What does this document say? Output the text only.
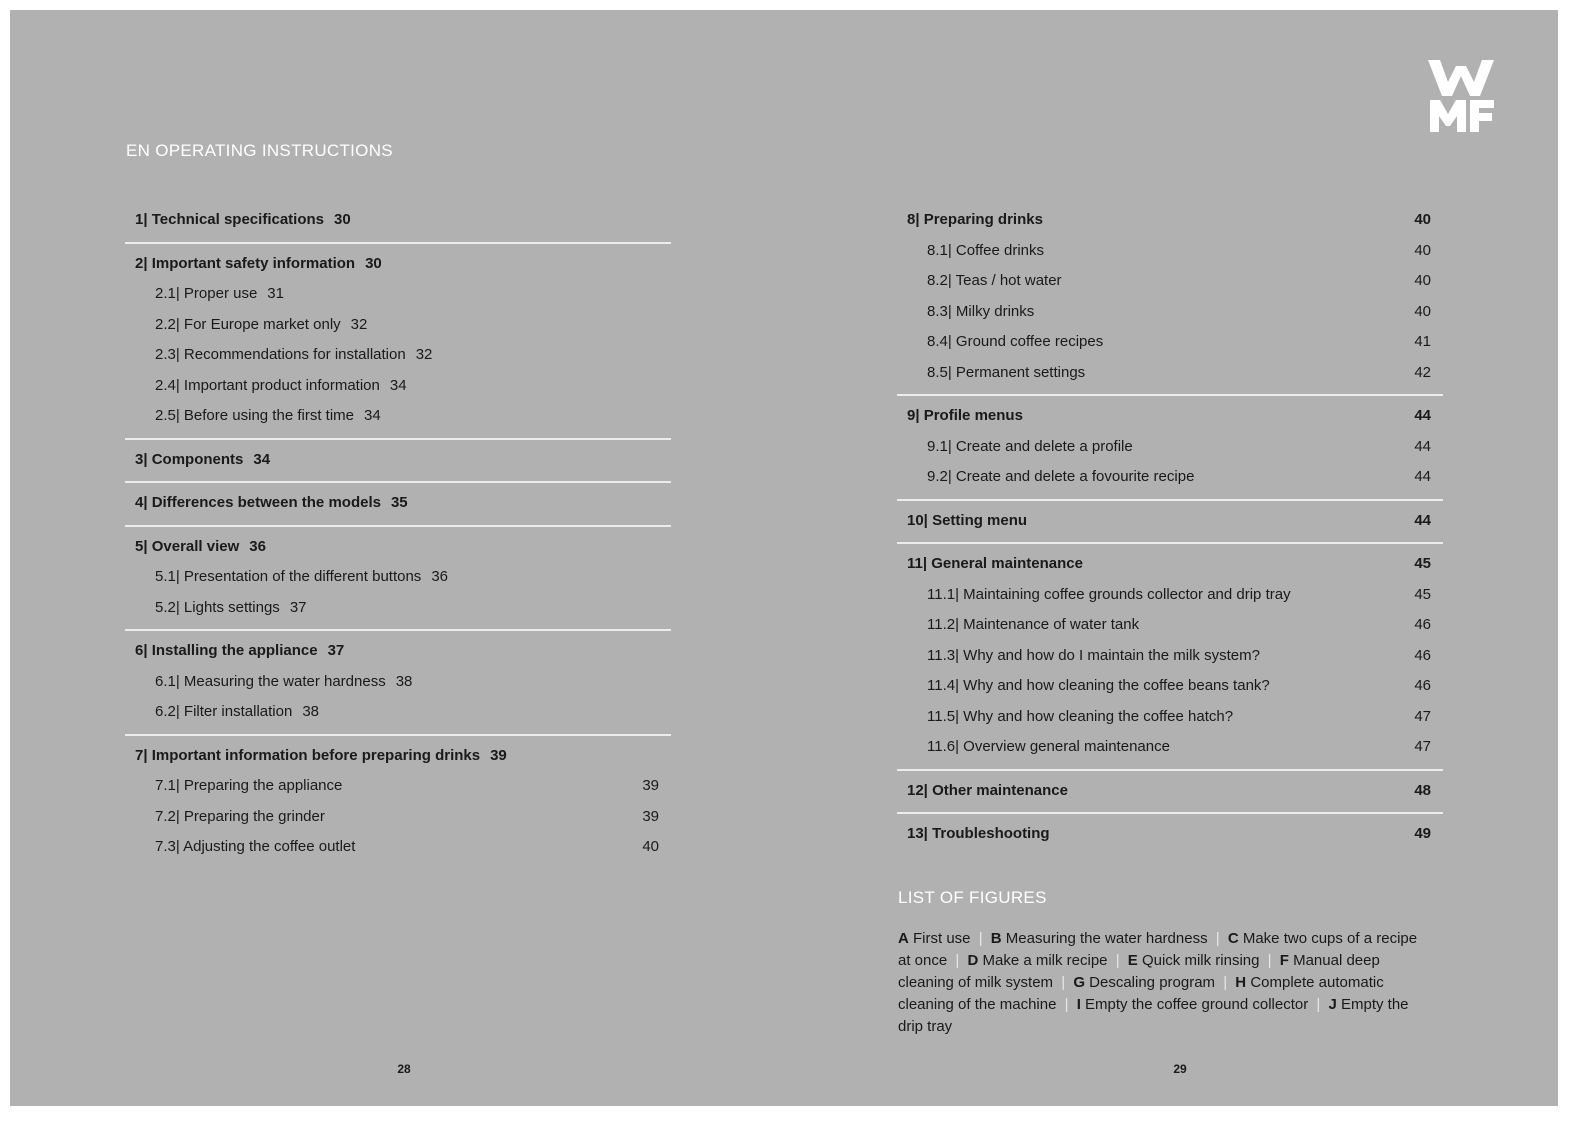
EN OPERATING INSTRUCTIONS
1| Technical specifications 30
2| Important safety information 30
2.1| Proper use 31
2.2| For Europe market only 32
2.3| Recommendations for installation 32
2.4| Important product information 34
2.5| Before using the first time 34
3| Components 34
4| Differences between the models 35
5| Overall view 36
5.1| Presentation of the different buttons 36
5.2| Lights settings 37
6| Installing the appliance 37
6.1| Measuring the water hardness 38
6.2| Filter installation 38
7| Important information before preparing drinks 39
7.1| Preparing the appliance	39
7.2| Preparing the grinder	39
7.3| Adjusting the coffee outlet	40
8| Preparing drinks	40
8.1| Coffee drinks	40
8.2| Teas / hot water	40
8.3| Milky drinks	40
8.4| Ground coffee recipes	41
8.5| Permanent settings	42
9| Profile menus	44
9.1| Create and delete a profile	44
9.2| Create and delete a fovourite recipe	44
10| Setting menu	44
11| General maintenance	45
11.1| Maintaining coffee grounds collector and drip tray	45
11.2| Maintenance of water tank	46
11.3| Why and how do I maintain the milk system?	46
11.4| Why and how cleaning the coffee beans tank?	46
11.5| Why and how cleaning the coffee hatch?	47
11.6| Overview general maintenance	47
12| Other maintenance	48
13| Troubleshooting	49
LIST OF FIGURES
A First use | B Measuring the water hardness | C Make two cups of a recipe at once | D Make a milk recipe | E Quick milk rinsing | F Manual deep cleaning of milk system | G Descaling program | H Complete automatic cleaning of the machine | I Empty the coffee ground collector | J Empty the drip tray
28	29
